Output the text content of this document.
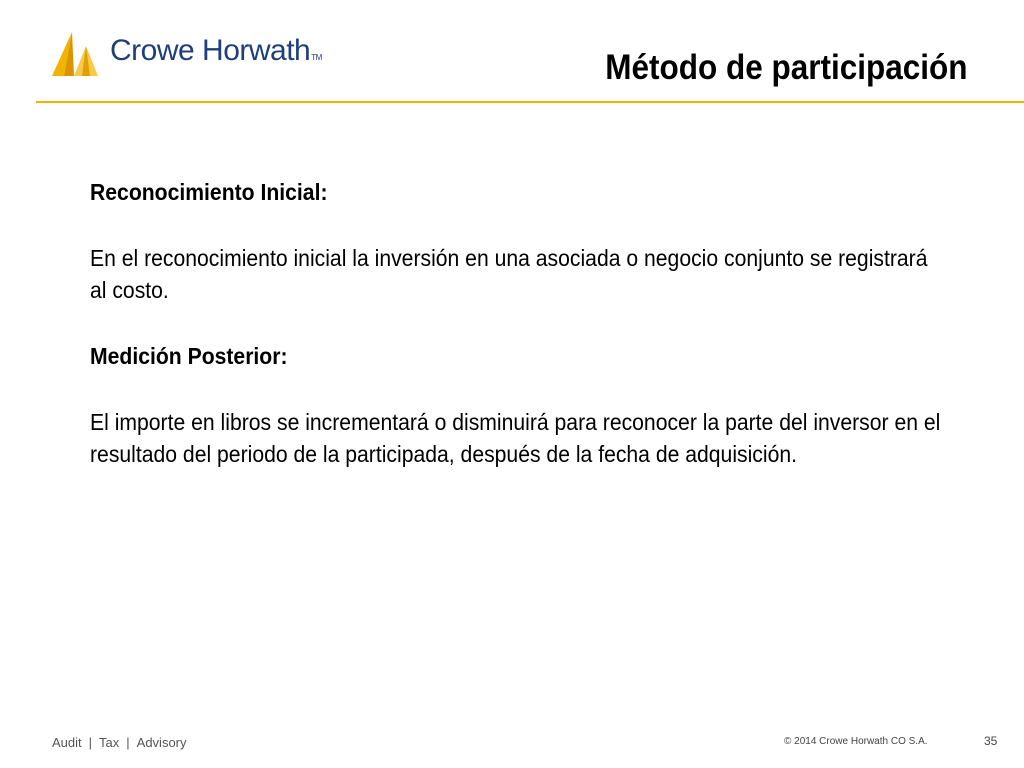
Crowe HorwathTM	Método de participación

Reconocimiento Inicial:

En el reconocimiento inicial la inversión en una asociada o negocio conjunto se registrará al costo.

Medición Posterior:

El importe en libros se incrementará o disminuirá para reconocer la parte del inversor en el resultado del periodo de la participada, después de la fecha de adquisición.

Audit | Tax | Advisory	© 2014 Crowe Horwath CO S.A.	35
